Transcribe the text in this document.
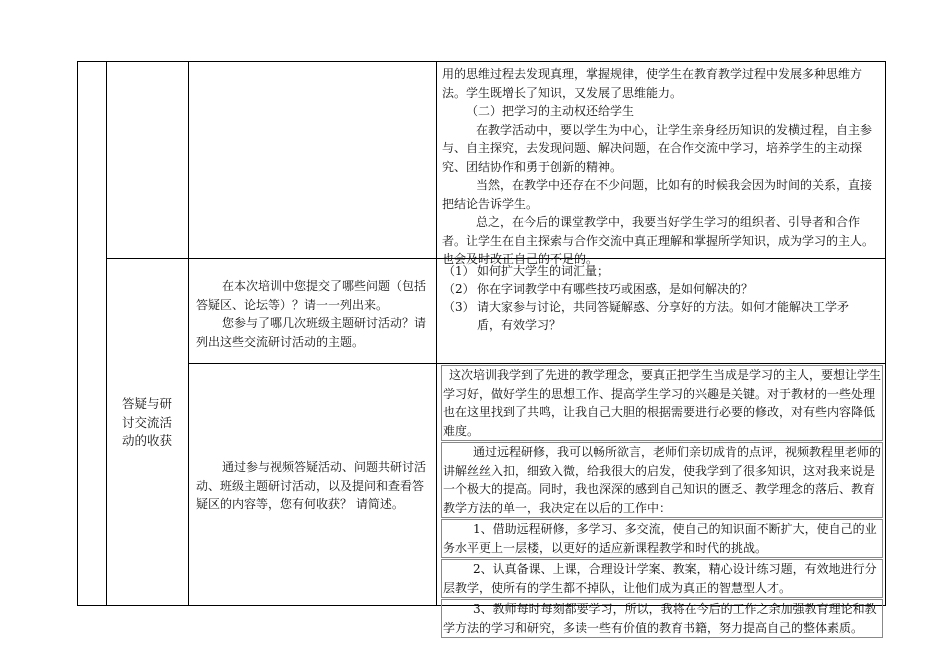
用的思维过程去发现真理，掌握规律，使学生在教育教学过程中发展多种思维方法。学生既增长了知识，又发展了思维能力。

（二）把学习的主动权还给学生

在教学活动中，要以学生为中心，让学生亲身经历知识的发横过程，自主参与、自主探究，去发现问题、解决问题，在合作交流中学习，培养学生的主动探究、团结协作和勇于创新的精神。

当然，在教学中还存在不少问题，比如有的时候我会因为时间的关系，直接把结论告诉学生。

总之，在今后的课堂教学中，我要当好学生学习的组织者、引导者和合作者。让学生在自主探索与合作交流中真正理解和掌握所学知识，成为学习的主人。也会及时改正自己的不足的。

答疑与研讨交流活动的收获

在本次培训中您提交了哪些问题（包括答疑区、论坛等）？请一一列出来。

您参与了哪几次班级主题研讨活动？请列出这些交流研讨活动的主题。

（1） 如何扩大学生的词汇量；
（2） 你在字词教学中有哪些技巧或困惑，是如何解决的？
（3） 请大家参与讨论，共同答疑解惑、分享好的方法。如何才能解决工学矛盾，有效学习？

通过参与视频答疑活动、问题共研讨活动、班级主题研讨活动，以及提问和查看答疑区的内容等，您有何收获？ 请简述。

这次培训我学到了先进的教学理念，要真正把学生当成是学习的主人，要想让学生学习好，做好学生的思想工作、提高学生学习的兴趣是关键。对于教材的一些处理也在这里找到了共鸣，让我自己大胆的根据需要进行必要的修改，对有些内容降低难度。
通过远程研修，我可以畅所欲言，老师们亲切成肯的点评，视频教程里老师的讲解丝丝入扣，细致入微，给我很大的启发，使我学到了很多知识，这对我来说是一个极大的提高。同时，我也深深的感到自己知识的匮乏、教学理念的落后、教育教学方法的单一，我决定在以后的工作中：
1、借助远程研修，多学习、多交流，使自己的知识面不断扩大，使自己的业务水平更上一层楼，以更好的适应新课程教学和时代的挑战。
2、认真备课、上课，合理设计学案、教案，精心设计练习题，有效地进行分层教学，使所有的学生都不掉队，让他们成为真正的智慧型人才。
3、教师每时每刻都要学习，所以，我将在今后的工作之余加强教育理论和教学方法的学习和研究，多读一些有价值的教育书籍，努力提高自己的整体素质。
